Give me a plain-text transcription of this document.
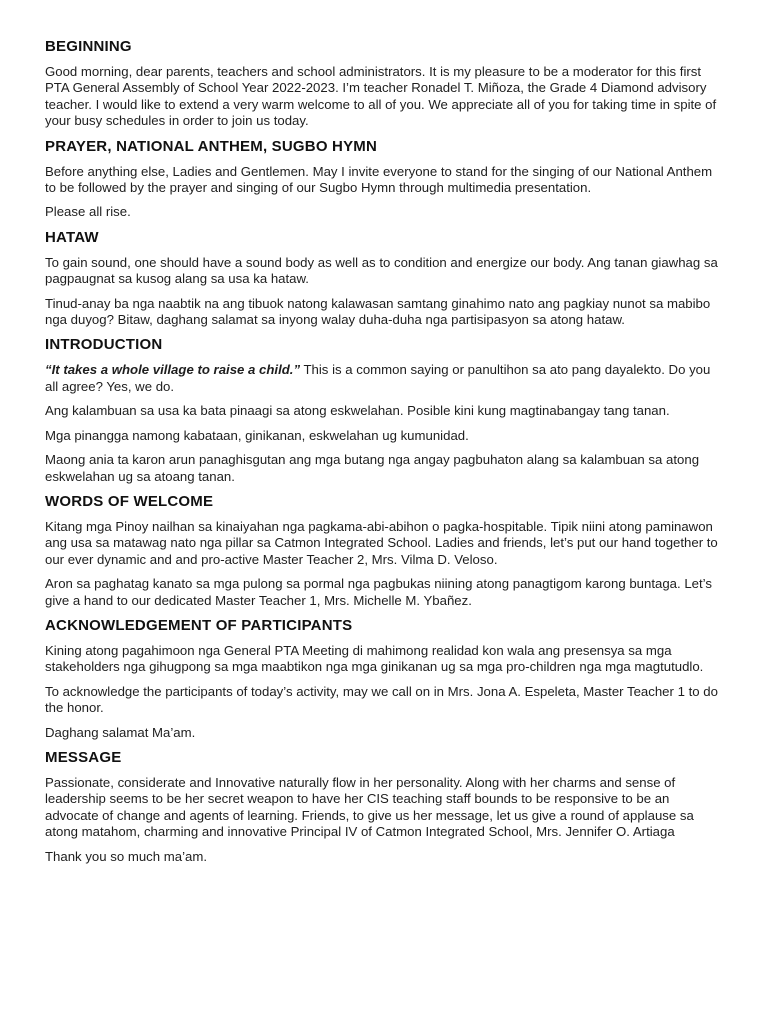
BEGINNING

Good morning, dear parents, teachers and school administrators. It is my pleasure to be a moderator for this first PTA General Assembly of School Year 2022-2023. I’m teacher Ronadel T. Miñoza, the Grade 4 Diamond advisory teacher. I would like to extend a very warm welcome to all of you. We appreciate all of you for taking time in spite of your busy schedules in order to join us today.

PRAYER, NATIONAL ANTHEM, SUGBO HYMN

Before anything else, Ladies and Gentlemen. May I invite everyone to stand for the singing of our National Anthem to be followed by the prayer and singing of our Sugbo Hymn through multimedia presentation.

Please all rise.

HATAW

To gain sound, one should have a sound body as well as to condition and energize our body. Ang tanan giawhag sa pagpaugnat sa kusog alang sa usa ka hataw.

Tinud-anay ba nga naabtik na ang tibuok natong kalawasan samtang ginahimo nato ang pagkiay nunot sa mabibo nga duyog? Bitaw, daghang salamat sa inyong walay duha-duha nga partisipasyon sa atong hataw.

INTRODUCTION

“It takes a whole village to raise a child.” This is a common saying or panultihon sa ato pang dayalekto. Do you all agree? Yes, we do.

Ang kalambuan sa usa ka bata pinaagi sa atong eskwelahan. Posible kini kung magtinabangay tang tanan.

Mga pinangga namong kabataan, ginikanan, eskwelahan ug kumunidad.

Maong ania ta karon arun panaghisgutan ang mga butang nga angay pagbuhaton alang sa kalambuan sa atong eskwelahan ug sa atoang tanan.

WORDS OF WELCOME

Kitang mga Pinoy nailhan sa kinaiyahan nga pagkama-abi-abihon o pagka-hospitable. Tipik niini atong paminawon ang usa sa matawag nato nga pillar sa Catmon Integrated School. Ladies and friends, let’s put our hand together to our ever dynamic and and pro-active Master Teacher 2, Mrs. Vilma D. Veloso.

Aron sa paghatag kanato sa mga pulong sa pormal nga pagbukas niining atong panagtigom karong buntaga. Let’s give a hand to our dedicated Master Teacher 1, Mrs. Michelle M. Ybañez.

ACKNOWLEDGEMENT OF PARTICIPANTS

Kining atong pagahimoon nga General PTA Meeting di mahimong realidad kon wala ang presensya sa mga stakeholders nga gihugpong sa mga maabtikon nga mga ginikanan ug sa mga pro-children nga mga magtutudlo.

To acknowledge the participants of today’s activity, may we call on in Mrs. Jona A. Espeleta, Master Teacher 1 to do the honor.

Daghang salamat Ma’am.

MESSAGE

Passionate, considerate and Innovative naturally flow in her personality. Along with her charms and sense of leadership seems to be her secret weapon to have her CIS teaching staff bounds to be responsive to be an advocate of change and agents of learning. Friends, to give us her message, let us give a round of applause sa atong matahom, charming and innovative Principal IV of Catmon Integrated School, Mrs. Jennifer O. Artiaga

Thank you so much ma’am.
